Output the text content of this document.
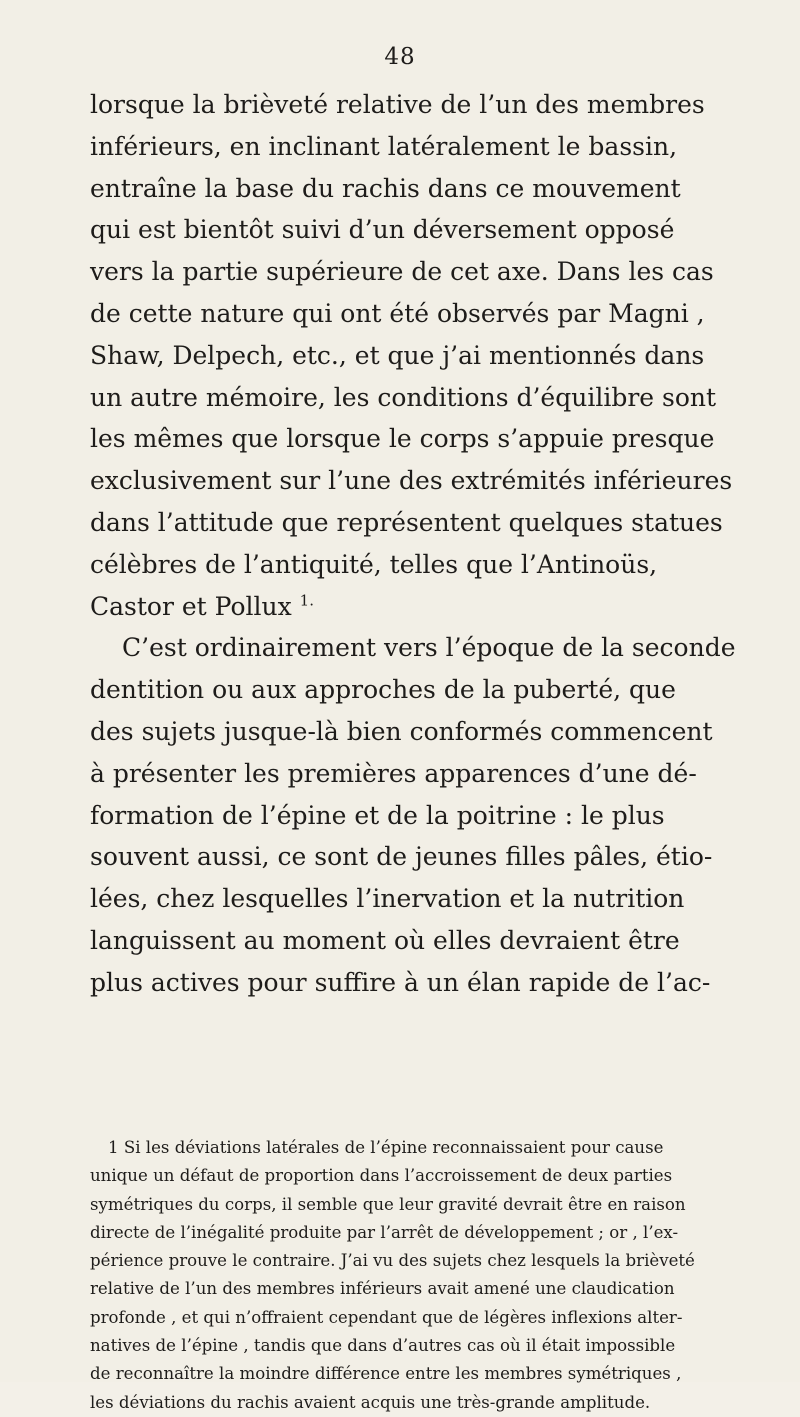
48
lorsque la brièveté relative de l’un des membres
inférieurs, en inclinant latéralement le bassin,
entraîne la base du rachis dans ce mouvement
qui est bientôt suivi d’un déversement opposé
vers la partie supérieure de cet axe. Dans les cas
de cette nature qui ont été observés par Magni ,
Shaw, Delpech, etc., et que j’ai mentionnés dans
un autre mémoire, les conditions d’équilibre sont
les mêmes que lorsque le corps s’appuie presque
exclusivement sur l’une des extrémités inférieures
dans l’attitude que représentent quelques statues
célèbres de l’antiquité, telles que l’Antinoüs,
Castor et Pollux $^{1.}$
C’est ordinairement vers l’époque de la seconde
dentition ou aux approches de la puberté, que
des sujets jusque-là bien conformés commencent
à présenter les premières apparences d’une dé-
formation de l’épine et de la poitrine : le plus
souvent aussi, ce sont de jeunes filles pâles, étio-
lées, chez lesquelles l’inervation et la nutrition
languissent au moment où elles devraient être
plus actives pour suffire à un élan rapide de l’ac-
1 Si les déviations latérales de l’épine reconnaissaient pour cause
unique un défaut de proportion dans l’accroissement de deux parties
symétriques du corps, il semble que leur gravité devrait être en raison
directe de l’inégalité produite par l’arrêt de développement ; or , l’ex-
périence prouve le contraire. J’ai vu des sujets chez lesquels la brièveté
relative de l’un des membres inférieurs avait amené une claudication
profonde , et qui n’offraient cependant que de légères inflexions alter-
natives de l’épine , tandis que dans d’autres cas où il était impossible
de reconnaître la moindre différence entre les membres symétriques ,
les déviations du rachis avaient acquis une très-grande amplitude.
